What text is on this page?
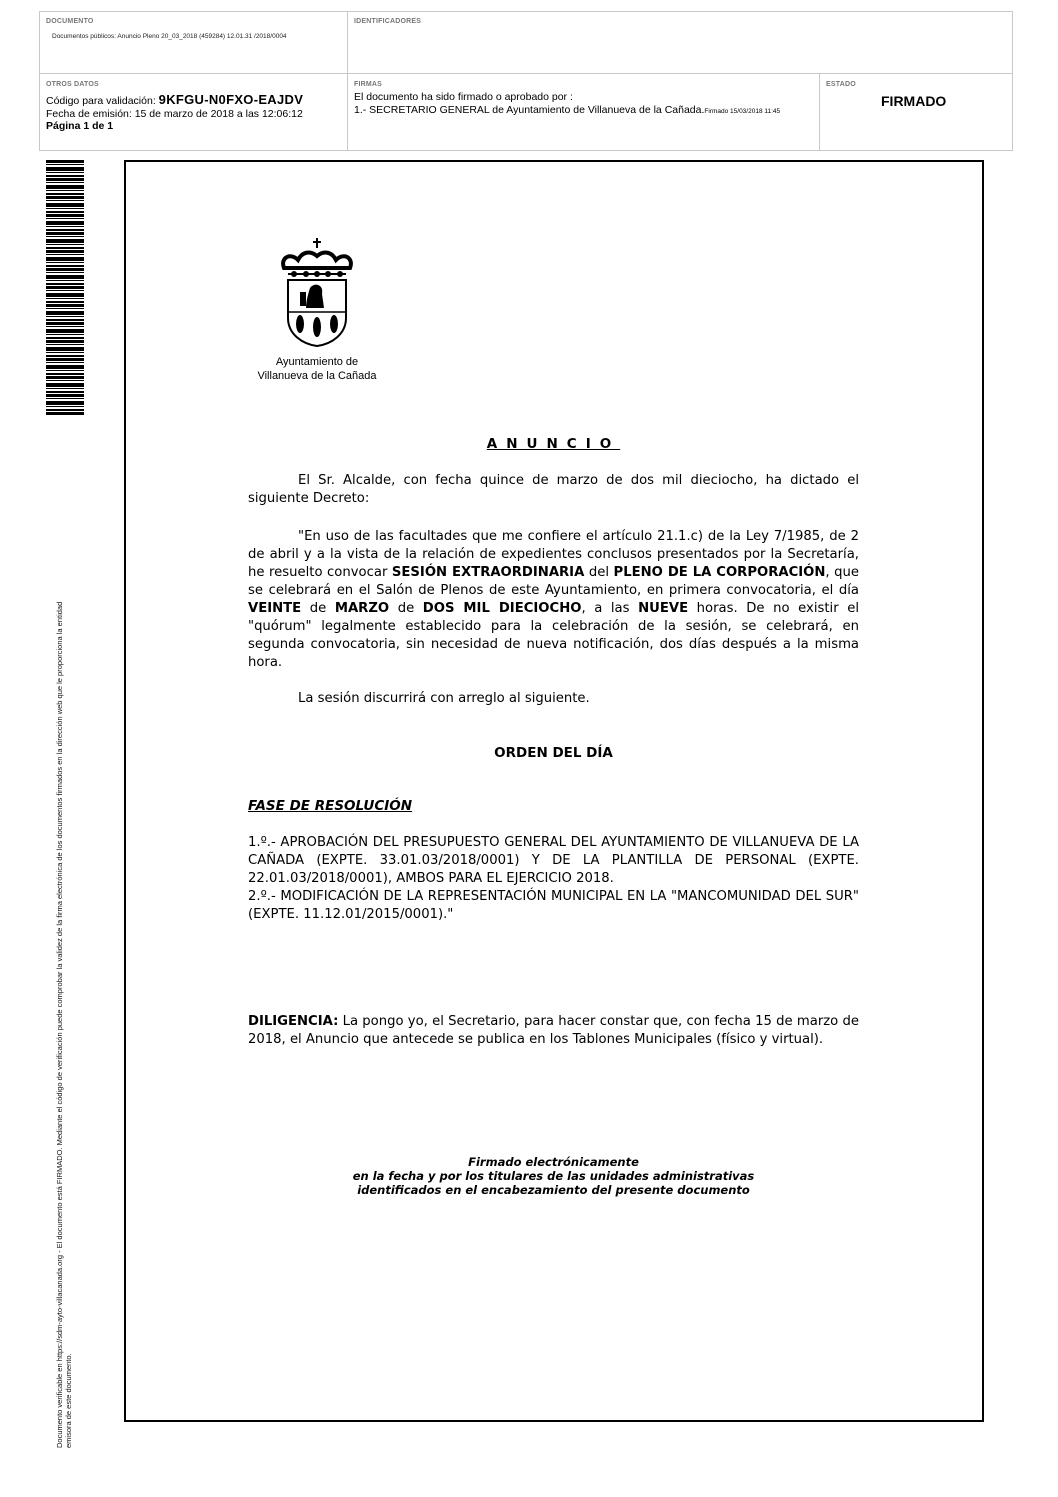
DOCUMENTO
Documentos públicos: Anuncio Pleno 20_03_2018 (459284) 12.01.31 /2018/0004
IDENTIFICADORES
OTROS DATOS
Código para validación: 9KFGU-N0FXO-EAJDV
Fecha de emisión: 15 de marzo de 2018 a las 12:06:12
Página 1 de 1
FIRMAS
El documento ha sido firmado o aprobado por :
1.- SECRETARIO GENERAL de Ayuntamiento de Villanueva de la Cañada.Firmado 15/03/2018 11:45
ESTADO
FIRMADO
Documento verificable en https://sdm-ayto-villacanada.org - El documento está FIRMADO. Mediante el código de verificación puede comprobar la validez de la firma electrónica de los documentos firmados en la dirección web que le proporciona la entidad emisora de este documento.
Ayuntamiento de
Villanueva de la Cañada
ANUNCIO
El Sr. Alcalde, con fecha quince de marzo de dos mil dieciocho, ha dictado el siguiente Decreto:
"En uso de las facultades que me confiere el artículo 21.1.c) de la Ley 7/1985, de 2 de abril y a la vista de la relación de expedientes conclusos presentados por la Secretaría, he resuelto convocar SESIÓN EXTRAORDINARIA del PLENO DE LA CORPORACIÓN, que se celebrará en el Salón de Plenos de este Ayuntamiento, en primera convocatoria, el día VEINTE de MARZO de DOS MIL DIECIOCHO, a las NUEVE horas. De no existir el "quórum" legalmente establecido para la celebración de la sesión, se celebrará, en segunda convocatoria, sin necesidad de nueva notificación, dos días después a la misma hora.
La sesión discurrirá con arreglo al siguiente.
ORDEN DEL DÍA
FASE DE RESOLUCIÓN
1.º.- APROBACIÓN DEL PRESUPUESTO GENERAL DEL AYUNTAMIENTO DE VILLANUEVA DE LA CAÑADA (EXPTE. 33.01.03/2018/0001) Y DE LA PLANTILLA DE PERSONAL (EXPTE. 22.01.03/2018/0001), AMBOS PARA EL EJERCICIO 2018.
2.º.- MODIFICACIÓN DE LA REPRESENTACIÓN MUNICIPAL EN LA "MANCOMUNIDAD DEL SUR" (EXPTE. 11.12.01/2015/0001)."
DILIGENCIA: La pongo yo, el Secretario, para hacer constar que, con fecha 15 de marzo de 2018, el Anuncio que antecede se publica en los Tablones Municipales (físico y virtual).
Firmado electrónicamente
en la fecha y por los titulares de las unidades administrativas
identificados en el encabezamiento del presente documento
